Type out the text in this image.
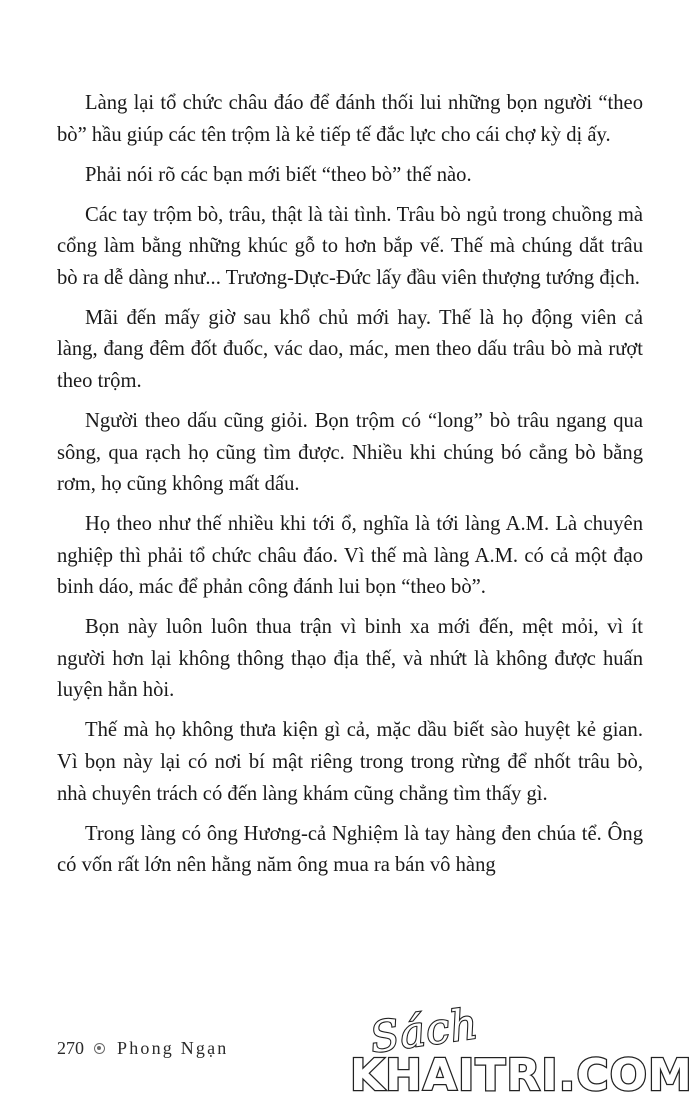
Làng lại tổ chức châu đáo để đánh thối lui những bọn người “theo bò” hầu giúp các tên trộm là kẻ tiếp tế đắc lực cho cái chợ kỳ dị ấy.

Phải nói rõ các bạn mới biết “theo bò” thế nào.

Các tay trộm bò, trâu, thật là tài tình. Trâu bò ngủ trong chuồng mà cổng làm bằng những khúc gỗ to hơn bắp vế. Thế mà chúng dắt trâu bò ra dễ dàng như... Trương-Dực-Đức lấy đầu viên thượng tướng địch.

Mãi đến mấy giờ sau khổ chủ mới hay. Thế là họ động viên cả làng, đang đêm đốt đuốc, vác dao, mác, men theo dấu trâu bò mà rượt theo trộm.

Người theo dấu cũng giỏi. Bọn trộm có “long” bò trâu ngang qua sông, qua rạch họ cũng tìm được. Nhiều khi chúng bó cẳng bò bằng rơm, họ cũng không mất dấu.

Họ theo như thế nhiều khi tới ổ, nghĩa là tới làng A.M. Là chuyên nghiệp thì phải tổ chức châu đáo. Vì thế mà làng A.M. có cả một đạo binh dáo, mác để phản công đánh lui bọn “theo bò”.

Bọn này luôn luôn thua trận vì binh xa mới đến, mệt mỏi, vì ít người hơn lại không thông thạo địa thế, và nhứt là không được huấn luyện hẳn hòi.

Thế mà họ không thưa kiện gì cả, mặc dầu biết sào huyệt kẻ gian. Vì bọn này lại có nơi bí mật riêng trong trong rừng để nhốt trâu bò, nhà chuyên trách có đến làng khám cũng chẳng tìm thấy gì.

Trong làng có ông Hương-cả Nghiệm là tay hàng đen chúa tể. Ông có vốn rất lớn nên hằng năm ông mua ra bán vô hàng

270 Phong Ngạn	Sách
KHAITRI.COM
